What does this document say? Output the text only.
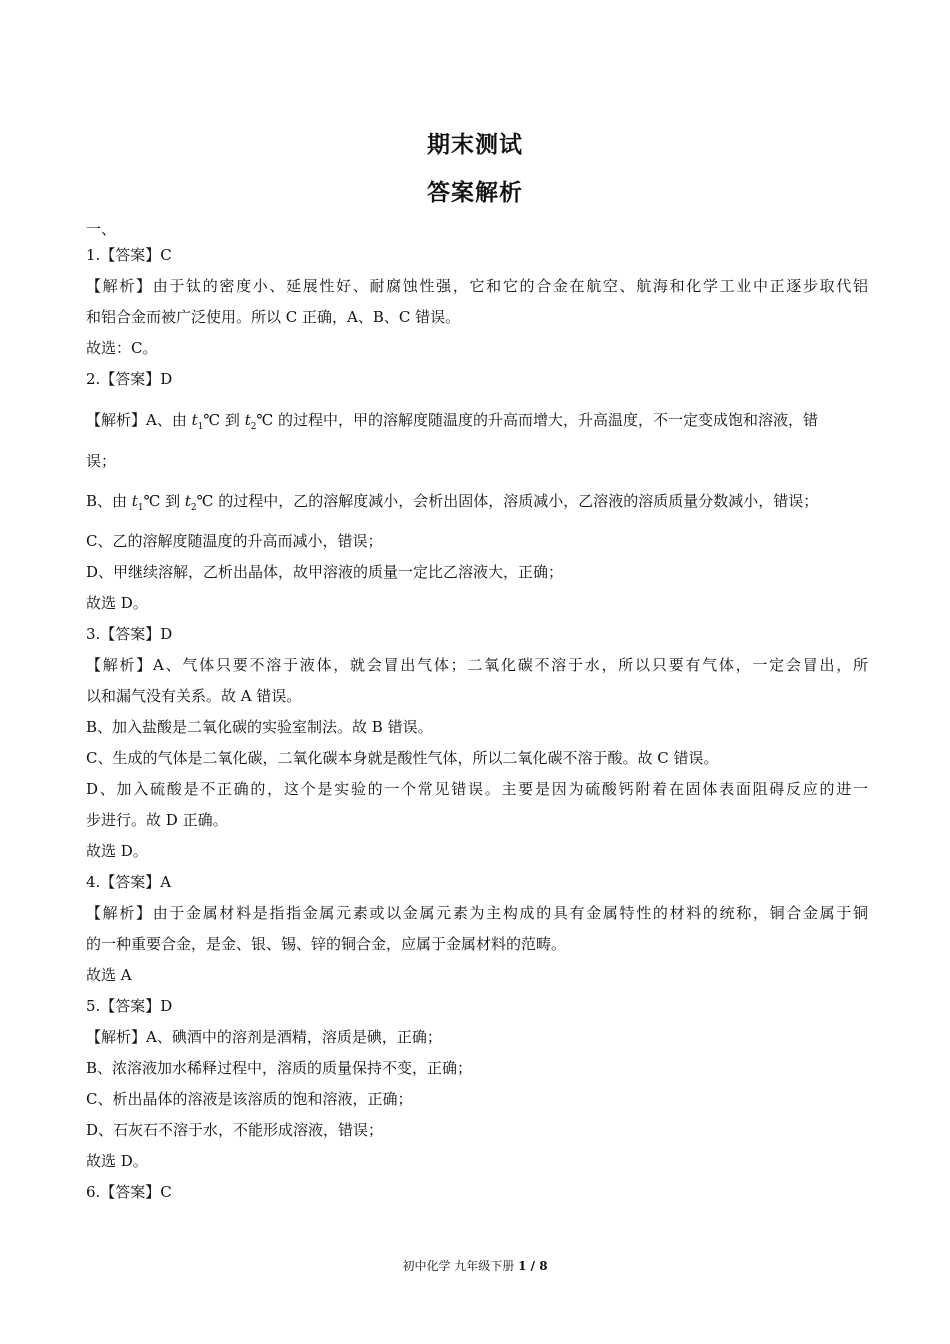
期末测试
答案解析
一、
1.【答案】C
【解析】由于钛的密度小、延展性好、耐腐蚀性强，它和它的合金在航空、航海和化学工业中正逐步取代铝
和铝合金而被广泛使用。所以 C 正确，A、B、C 错误。
故选：C。
2.【答案】D
【解析】A、由 $t_1℃$ 到 $t_2℃$ 的过程中，甲的溶解度随温度的升高而增大，升高温度，不一定变成饱和溶液，错
误；
B、由 $t_1℃$ 到 $t_2℃$ 的过程中，乙的溶解度减小，会析出固体，溶质减小，乙溶液的溶质质量分数减小，错误；
C、乙的溶解度随温度的升高而减小，错误；
D、甲继续溶解，乙析出晶体，故甲溶液的质量一定比乙溶液大，正确；
故选 D。
3.【答案】D
【解析】A、气体只要不溶于液体，就会冒出气体；二氧化碳不溶于水，所以只要有气体，一定会冒出，所
以和漏气没有关系。故 A 错误。
B、加入盐酸是二氧化碳的实验室制法。故 B 错误。
C、生成的气体是二氧化碳，二氧化碳本身就是酸性气体，所以二氧化碳不溶于酸。故 C 错误。
D、加入硫酸是不正确的，这个是实验的一个常见错误。主要是因为硫酸钙附着在固体表面阻碍反应的进一
步进行。故 D 正确。
故选 D。
4.【答案】A
【解析】由于金属材料是指指金属元素或以金属元素为主构成的具有金属特性的材料的统称，铜合金属于铜
的一种重要合金，是金、银、锡、锌的铜合金，应属于金属材料的范畴。
故选 A
5.【答案】D
【解析】A、碘酒中的溶剂是酒精，溶质是碘，正确；
B、浓溶液加水稀释过程中，溶质的质量保持不变，正确；
C、析出晶体的溶液是该溶质的饱和溶液，正确；
D、石灰石不溶于水，不能形成溶液，错误；
故选 D。
6.【答案】C
初中化学 九年级下册 1 / 8
